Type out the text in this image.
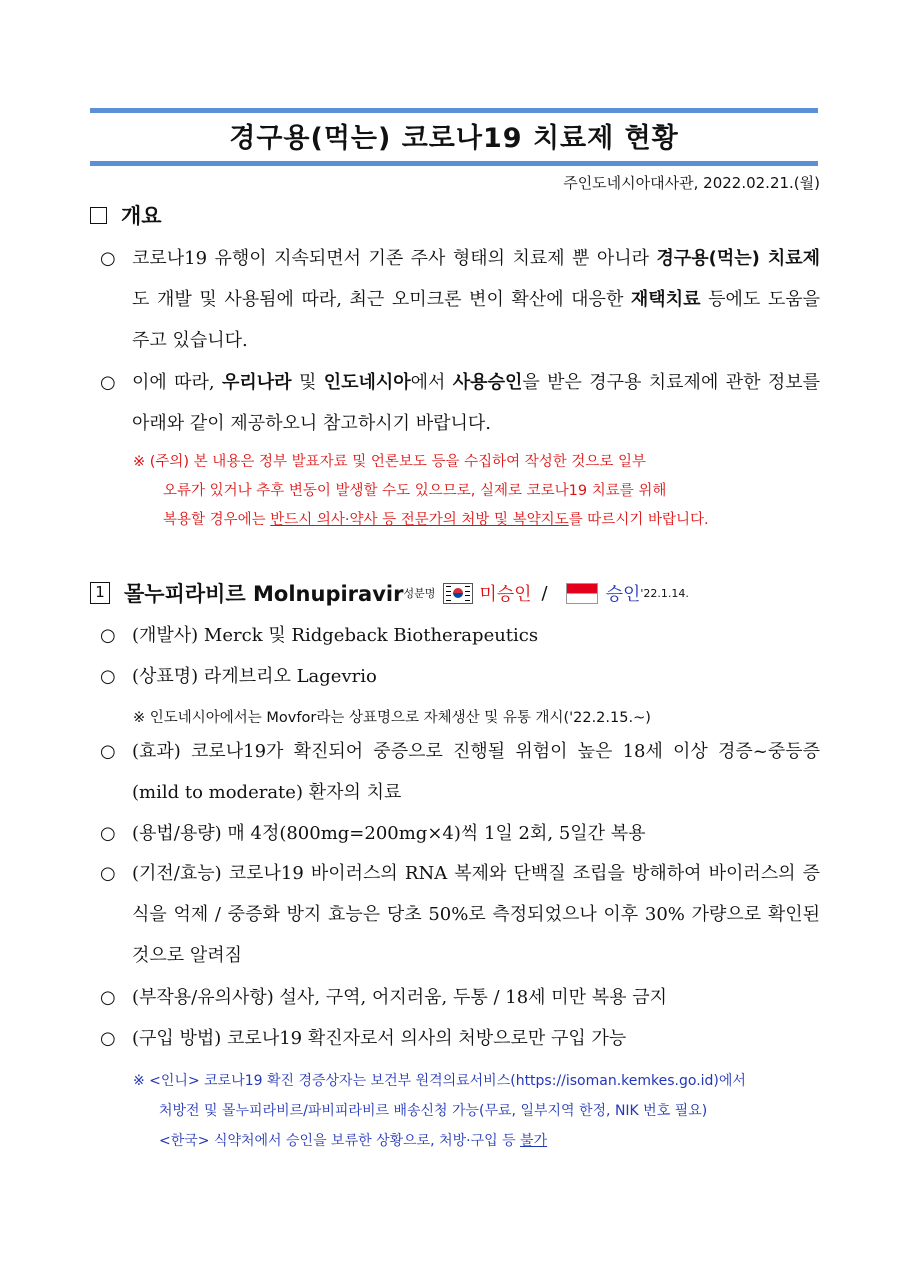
경구용(먹는) 코로나19 치료제 현황
주인도네시아대사관, 2022.02.21.(월)
개요
○ 코로나19 유행이 지속되면서 기존 주사 형태의 치료제 뿐 아니라 경구용(먹는) 치료제도 개발 및 사용됨에 따라, 최근 오미크론 변이 확산에 대응한 재택치료 등에도 도움을 주고 있습니다.
○ 이에 따라, 우리나라 및 인도네시아에서 사용승인을 받은 경구용 치료제에 관한 정보를 아래와 같이 제공하오니 참고하시기 바랍니다.
※ (주의) 본 내용은 정부 발표자료 및 언론보도 등을 수집하여 작성한 것으로 일부
오류가 있거나 추후 변동이 발생할 수도 있으므로, 실제로 코로나19 치료를 위해
복용할 경우에는 반드시 의사·약사 등 전문가의 처방 및 복약지도를 따르시기 바랍니다.
1 몰누피라비르 Molnupiravir 성분명 미승인 /	승인 '22.1.14.
○ (개발사) Merck 및 Ridgeback Biotherapeutics
○ (상표명) 라게브리오 Lagevrio
※ 인도네시아에서는 Movfor라는 상표명으로 자체생산 및 유통 개시('22.2.15.~)
○ (효과) 코로나19가 확진되어 중증으로 진행될 위험이 높은 18세 이상 경증~중등증(mild to moderate) 환자의 치료
○ (용법/용량) 매 4정(800mg=200mg×4)씩 1일 2회, 5일간 복용
○ (기전/효능) 코로나19 바이러스의 RNA 복제와 단백질 조립을 방해하여 바이러스의 증식을 억제 / 중증화 방지 효능은 당초 50%로 측정되었으나 이후 30% 가량으로 확인된 것으로 알려짐
○ (부작용/유의사항) 설사, 구역, 어지러움, 두통 / 18세 미만 복용 금지
○ (구입 방법) 코로나19 확진자로서 의사의 처방으로만 구입 가능
※ <인니> 코로나19 확진 경증상자는 보건부 원격의료서비스(https://isoman.kemkes.go.id)에서
처방전 및 몰누피라비르/파비피라비르 배송신청 가능(무료, 일부지역 한정, NIK 번호 필요)
<한국> 식약처에서 승인을 보류한 상황으로, 처방·구입 등 불가
